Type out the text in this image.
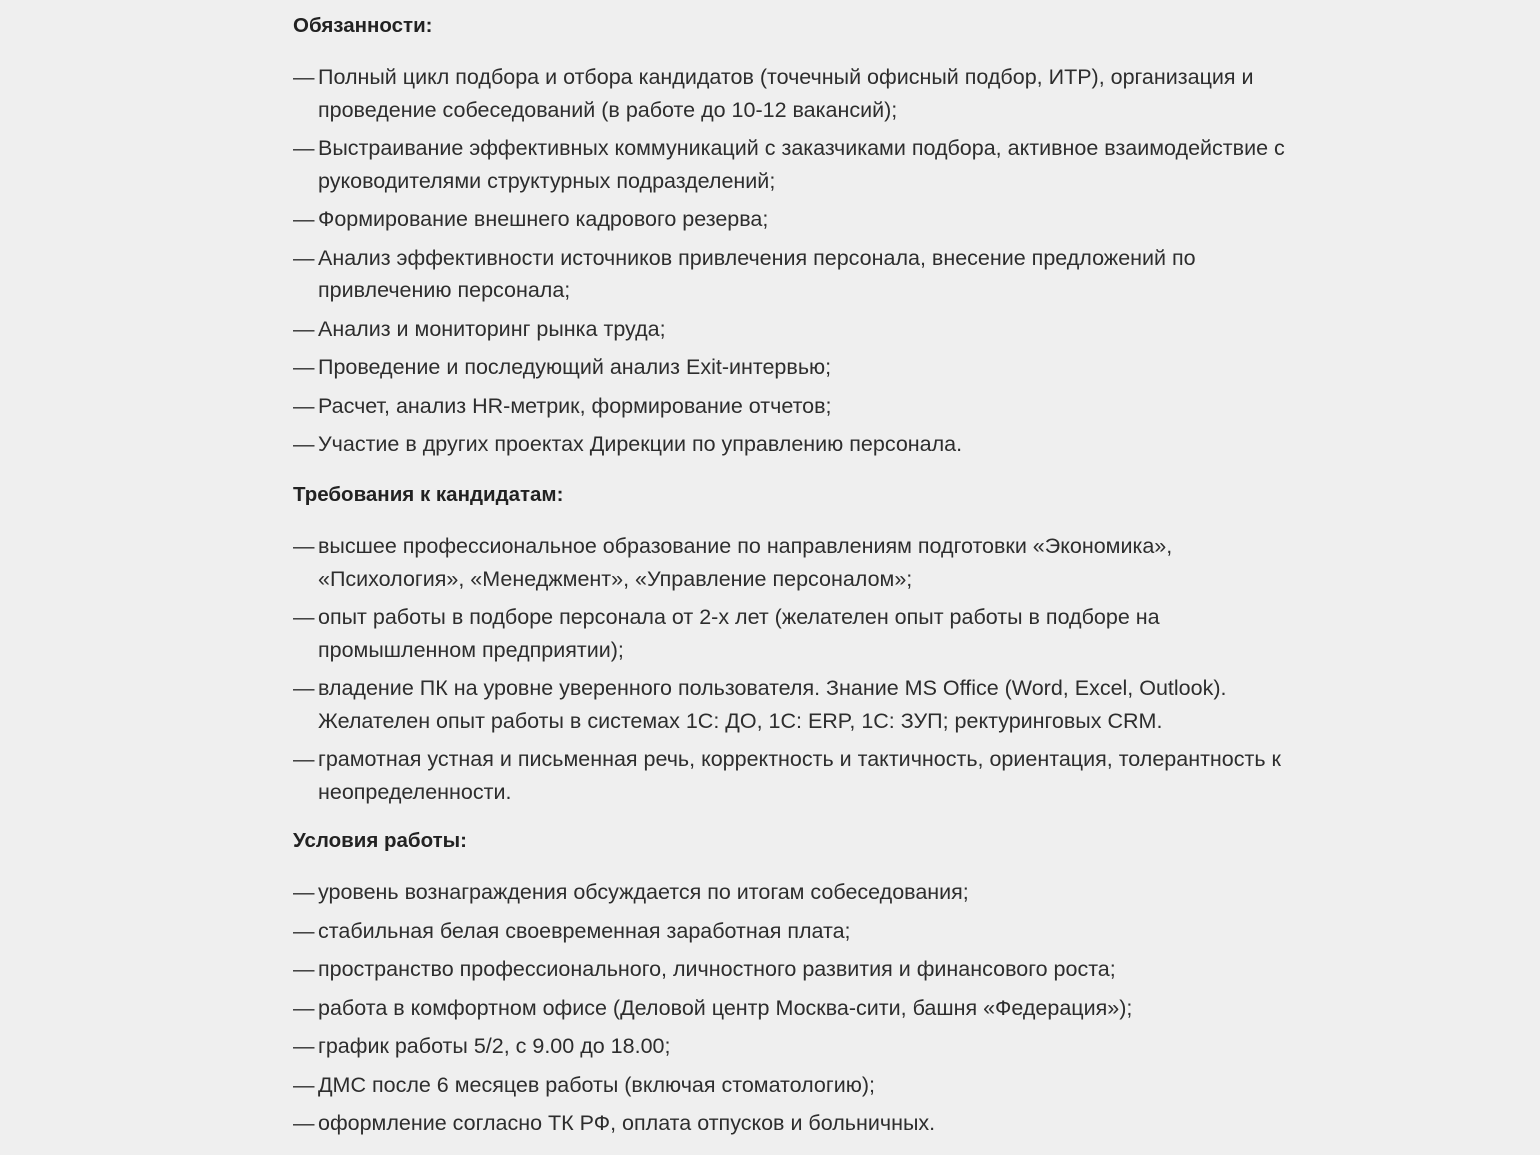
Обязанности:
— Полный цикл подбора и отбора кандидатов (точечный офисный подбор, ИТР), организация и проведение собеседований (в работе до 10-12 вакансий);
— Выстраивание эффективных коммуникаций с заказчиками подбора, активное взаимодействие с руководителями структурных подразделений;
— Формирование внешнего кадрового резерва;
— Анализ эффективности источников привлечения персонала, внесение предложений по привлечению персонала;
— Анализ и мониторинг рынка труда;
— Проведение и последующий анализ Exit-интервью;
— Расчет, анализ HR-метрик, формирование отчетов;
— Участие в других проектах Дирекции по управлению персонала.
Требования к кандидатам:
— высшее профессиональное образование по направлениям подготовки «Экономика», «Психология», «Менеджмент», «Управление персоналом»;
— опыт работы в подборе персонала от 2-х лет (желателен опыт работы в подборе на промышленном предприятии);
— владение ПК на уровне уверенного пользователя. Знание MS Office (Word, Excel, Outlook). Желателен опыт работы в системах 1С: ДО, 1С: ERP, 1С: ЗУП; ректуринговых CRM.
— грамотная устная и письменная речь, корректность и тактичность, ориентация, толерантность к неопределенности.
Условия работы:
— уровень вознаграждения обсуждается по итогам собеседования;
— стабильная белая своевременная заработная плата;
— пространство профессионального, личностного развития и финансового роста;
— работа в комфортном офисе (Деловой центр Москва-сити, башня «Федерация»);
— график работы 5/2, с 9.00 до 18.00;
— ДМС после 6 месяцев работы (включая стоматологию);
— оформление согласно ТК РФ, оплата отпусков и больничных.
